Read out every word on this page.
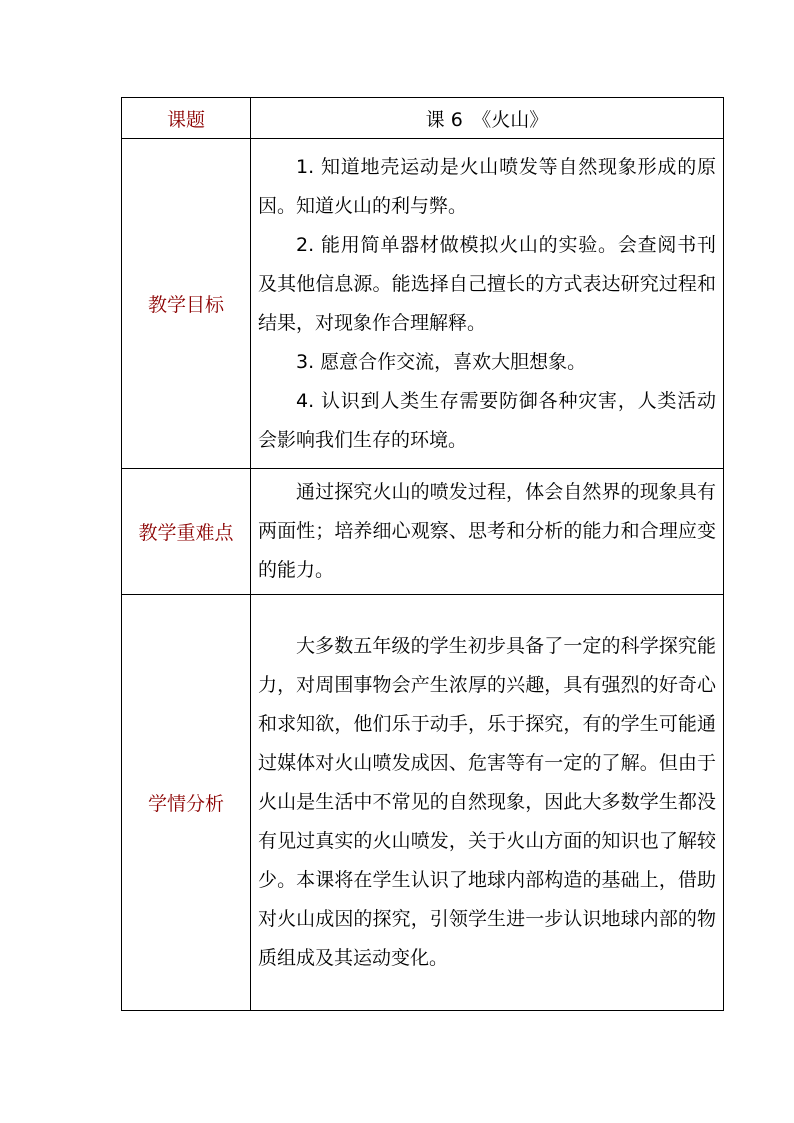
课题	课 6　《火山》
教学目标	1. 知道地壳运动是火山喷发等自然现象形成的原因。知道火山的利与弊。

2. 能用简单器材做模拟火山的实验。会查阅书刊及其他信息源。能选择自己擅长的方式表达研究过程和结果，对现象作合理解释。

3. 愿意合作交流，喜欢大胆想象。

4. 认识到人类生存需要防御各种灾害，人类活动会影响我们生存的环境。

教学重难点	通过探究火山的喷发过程，体会自然界的现象具有两面性；培养细心观察、思考和分析的能力和合理应变的能力。

学情分析	大多数五年级的学生初步具备了一定的科学探究能力，对周围事物会产生浓厚的兴趣，具有强烈的好奇心和求知欲，他们乐于动手，乐于探究，有的学生可能通过媒体对火山喷发成因、危害等有一定的了解。但由于火山是生活中不常见的自然现象，因此大多数学生都没有见过真实的火山喷发，关于火山方面的知识也了解较少。本课将在学生认识了地球内部构造的基础上，借助对火山成因的探究，引领学生进一步认识地球内部的物质组成及其运动变化。
